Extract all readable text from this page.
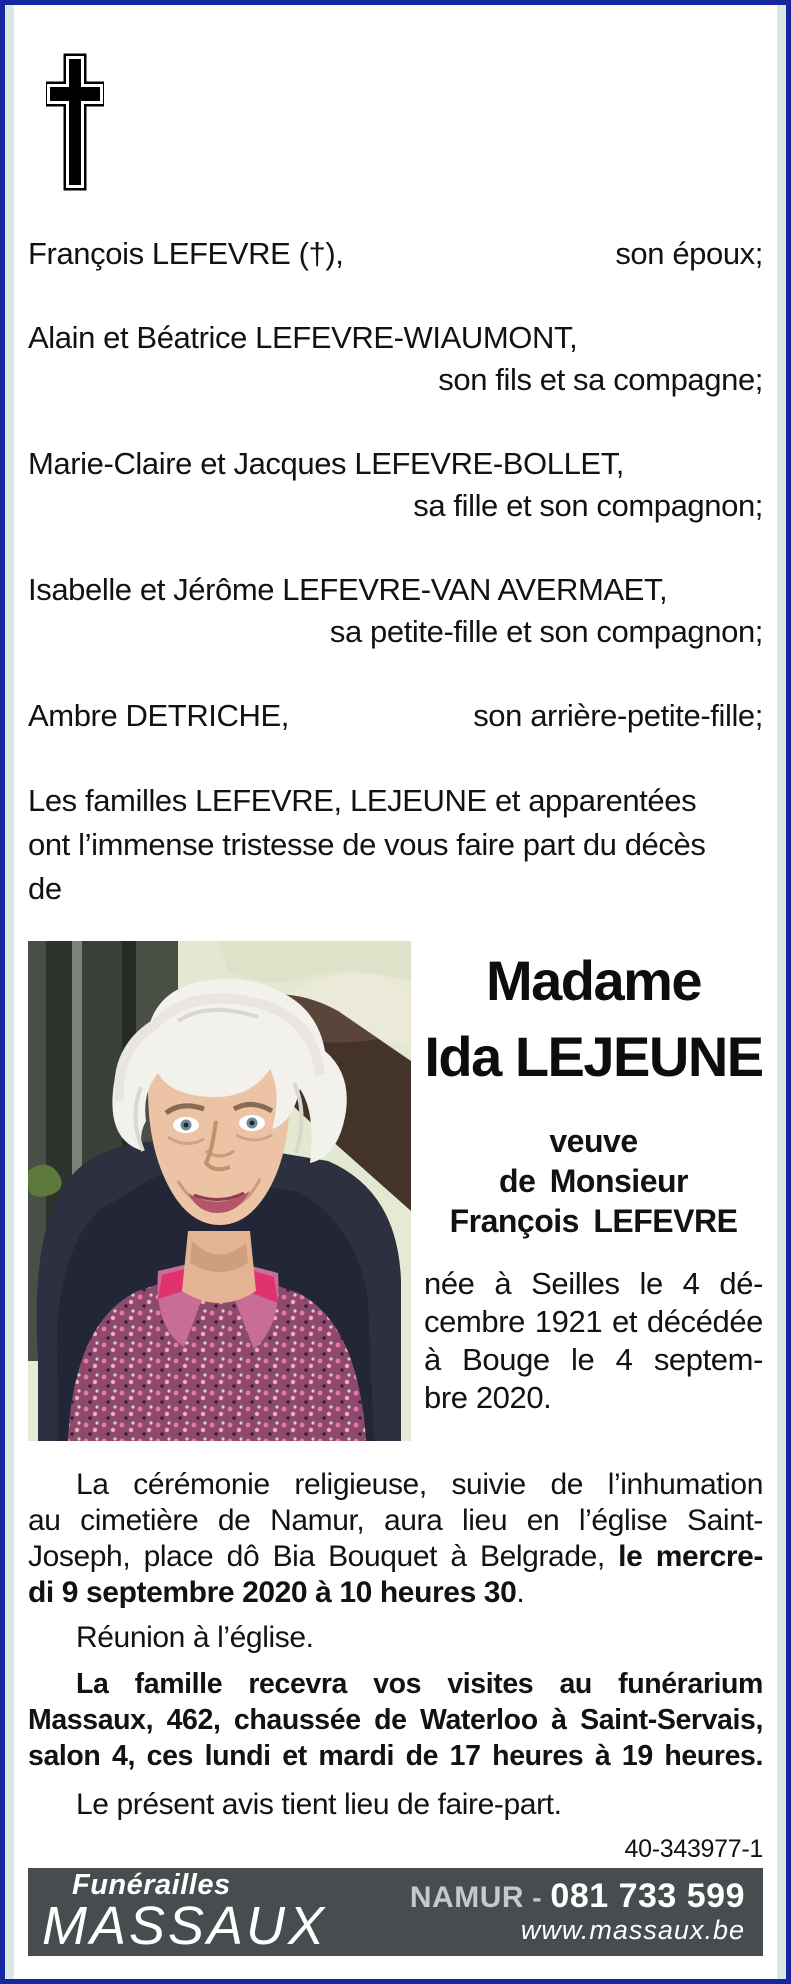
François LEFEVRE (†),	son époux;
Alain et Béatrice LEFEVRE-WIAUMONT,
son fils et sa compagne;
Marie-Claire et Jacques LEFEVRE-BOLLET,
sa fille et son compagnon;
Isabelle et Jérôme LEFEVRE-VAN AVERMAET,
sa petite-fille et son compagnon;
Ambre DETRICHE,	son arrière-petite-fille;
Les familles LEFEVRE, LEJEUNE et apparentées
ont l’immense tristesse de vous faire part du décès
de
Madame
Ida LEJEUNE
veuve
de Monsieur
François LEFEVRE
née à Seilles le 4 dé-
cembre 1921 et décédée
à Bouge le 4 septem-
bre 2020.
La cérémonie religieuse, suivie de l’inhumation
au cimetière de Namur, aura lieu en l’église Saint-
Joseph, place dô Bia Bouquet à Belgrade, le mercre-
di 9 septembre 2020 à 10 heures 30.
Réunion à l’église.
La famille recevra vos visites au funérarium
Massaux, 462, chaussée de Waterloo à Saint-Servais,
salon 4, ces lundi et mardi de 17 heures à 19 heures.
Le présent avis tient lieu de faire-part.
40-343977-1
Funérailles
MASSAUX	NAMUR - 081 733 599
www.massaux.be
